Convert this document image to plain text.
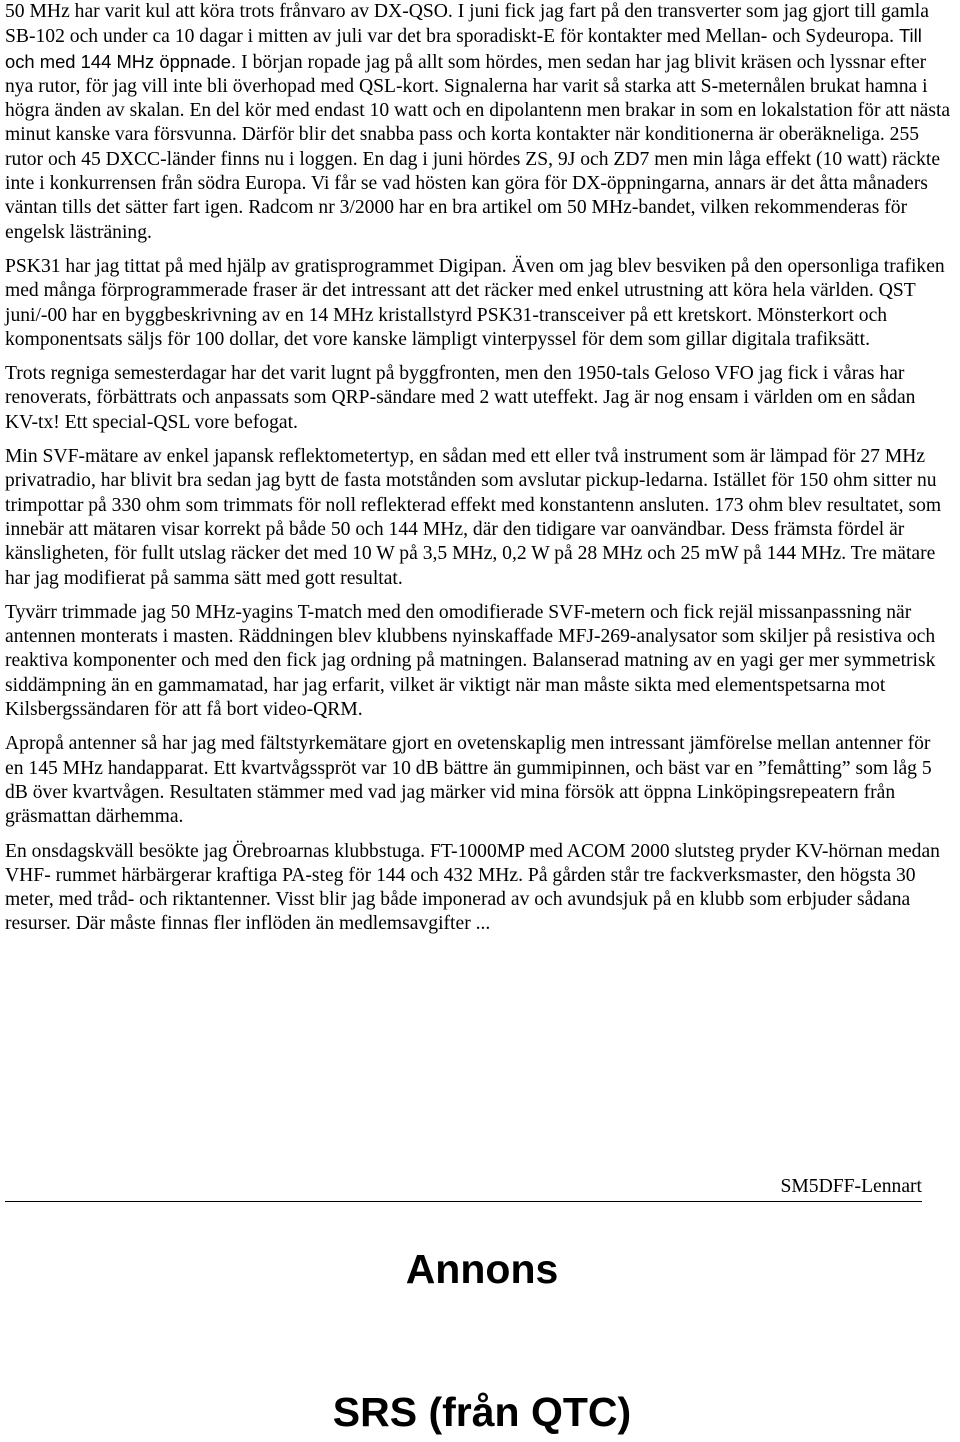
50 MHz har varit kul att köra trots frånvaro av DX-QSO. I juni fick jag fart på den transverter som jag gjort till gamla SB-102 och under ca 10 dagar i mitten av juli var det bra sporadiskt-E för kontakter med Mellan- och Sydeuropa. Till och med 144 MHz öppnade. I början ropade jag på allt som hördes, men sedan har jag blivit kräsen och lyssnar efter nya rutor, för jag vill inte bli överhopad med QSL-kort. Signalerna har varit så starka att S-meternålen brukat hamna i högra änden av skalan. En del kör med endast 10 watt och en dipolantenn men brakar in som en lokalstation för att nästa minut kanske vara försvunna. Därför blir det snabba pass och korta kontakter när konditionerna är oberäkneliga. 255 rutor och 45 DXCC-länder finns nu i loggen. En dag i juni hördes ZS, 9J och ZD7 men min låga effekt (10 watt) räckte inte i konkurrensen från södra Europa. Vi får se vad hösten kan göra för DX-öppningarna, annars är det åtta månaders väntan tills det sätter fart igen. Radcom nr 3/2000 har en bra artikel om 50 MHz-bandet, vilken rekommenderas för engelsk lästräning.

PSK31 har jag tittat på med hjälp av gratisprogrammet Digipan. Även om jag blev besviken på den opersonliga trafiken med många förprogrammerade fraser är det intressant att det räcker med enkel utrustning att köra hela världen. QST juni/-00 har en byggbeskrivning av en 14 MHz kristallstyrd PSK31-transceiver på ett kretskort. Mönsterkort och komponentsats säljs för 100 dollar, det vore kanske lämpligt vinterpyssel för dem som gillar digitala trafiksätt.

Trots regniga semesterdagar har det varit lugnt på byggfronten, men den 1950-tals Geloso VFO jag fick i våras har renoverats, förbättrats och anpassats som QRP-sändare med 2 watt uteffekt. Jag är nog ensam i världen om en sådan KV-tx! Ett special-QSL vore befogat.

Min SVF-mätare av enkel japansk reflektometertyp, en sådan med ett eller två instrument som är lämpad för 27 MHz privatradio, har blivit bra sedan jag bytt de fasta motstånden som avslutar pickup-ledarna. Istället för 150 ohm sitter nu trimpottar på 330 ohm som trimmats för noll reflekterad effekt med konstantenn ansluten. 173 ohm blev resultatet, som innebär att mätaren visar korrekt på både 50 och 144 MHz, där den tidigare var oanvändbar. Dess främsta fördel är känsligheten, för fullt utslag räcker det med 10 W på 3,5 MHz, 0,2 W på 28 MHz och 25 mW på 144 MHz. Tre mätare har jag modifierat på samma sätt med gott resultat.

Tyvärr trimmade jag 50 MHz-yagins T-match med den omodifierade SVF-metern och fick rejäl missanpassning när antennen monterats i masten. Räddningen blev klubbens nyinskaffade MFJ-269-analysator som skiljer på resistiva och reaktiva komponenter och med den fick jag ordning på matningen. Balanserad matning av en yagi ger mer symmetrisk siddämpning än en gammamatad, har jag erfarit, vilket är viktigt när man måste sikta med elementspetsarna mot Kilsbergssändaren för att få bort video-QRM.

Apropå antenner så har jag med fältstyrkemätare gjort en ovetenskaplig men intressant jämförelse mellan antenner för en 145 MHz handapparat. Ett kvartvågsspröt var 10 dB bättre än gummipinnen, och bäst var en ”femåtting” som låg 5 dB över kvartvågen. Resultaten stämmer med vad jag märker vid mina försök att öppna Linköpingsrepeatern från gräsmattan därhemma.

En onsdagskväll besökte jag Örebroarnas klubbstuga. FT-1000MP med ACOM 2000 slutsteg pryder KV-hörnan medan VHF- rummet härbärgerar kraftiga PA-steg för 144 och 432 MHz. På gården står tre fackverksmaster, den högsta 30 meter, med tråd- och riktantenner. Visst blir jag både imponerad av och avundsjuk på en klubb som erbjuder sådana resurser. Där måste finnas fler inflöden än medlemsavgifter ...

SM5DFF-Lennart
Annons
SRS (från QTC)
